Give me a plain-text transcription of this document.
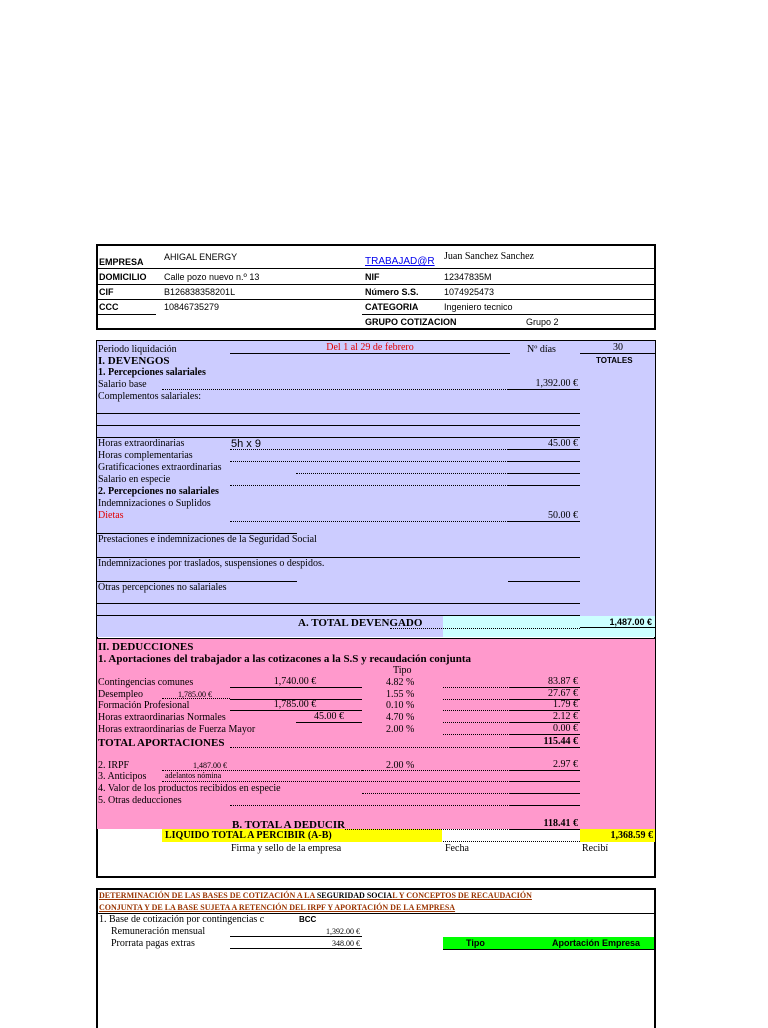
EMPRESA AHIGAL ENERGY
DOMICILIO Calle pozo nuevo n.º 13
CIF	B126838358201L
CCC	10846735279
TRABAJAD@R Juan Sanchez Sanchez
NIF	12347835M
Número S.S.	1074925473
CATEGORIA	Ingeniero tecnico
GRUPO COTIZACION	Grupo 2
Periodo liquidación	Del 1 al 29 de febrero	Nº días	30
TOTALES
I. DEVENGOS
1. Percepciones salariales
Salario base	1,392.00 €
Complementos salariales:
Horas extraordinarias	5h x 9	45.00 €
Horas complementarias
Gratificaciones extraordinarias
Salario en especie
2. Percepciones no salariales
Indemnizaciones o Suplidos
Dietas	50.00 €
Prestaciones e indemnizaciones de la Seguridad Social
Indemnizaciones por traslados, suspensiones o despidos.
Otras percepciones no salariales
A. TOTAL DEVENGADO	1,487.00 €
II. DEDUCCIONES
1. Aportaciones del trabajador a las cotizacones a la S.S y recaudación conjunta
Tipo
Contingencias comunes	1,740.00 €	4.82 %	83.87 €
Desempleo	1,785.00 €	1.55 %	27.67 €
Formación Profesional	1,785.00 €	0.10 %	1.79 €
Horas extraordinarias Normales	45.00 €	4.70 %	2.12 €
Horas extraordinarias de Fuerza Mayor	2.00 %	0.00 €
TOTAL APORTACIONES	115.44 €
2. IRPF	1,487.00 €	2.00 %	2.97 €
3. Anticipos adelantos nómina
4. Valor de los productos recibidos en especie
5. Otras deducciones
B. TOTAL A DEDUCIR	118.41 €
LIQUIDO TOTAL A PERCIBIR (A-B)	1,368.59 €
Firma y sello de la empresa	Fecha	Recibí
DETERMINACIÓN DE LAS BASES DE COTIZACIÓN A LA SEGURIDAD SOCIAL Y CONCEPTOS DE RECAUDACIÓN
CONJUNTA Y DE LA BASE SUJETA A RETENCIÓN DEL IRPF Y APORTACIÓN DE LA EMPRESA
1. Base de cotización por contingencias c	BCC
Remuneración mensual	1,392.00 €
Prorrata pagas extras	348.00 €	Tipo	Aportación Empresa
